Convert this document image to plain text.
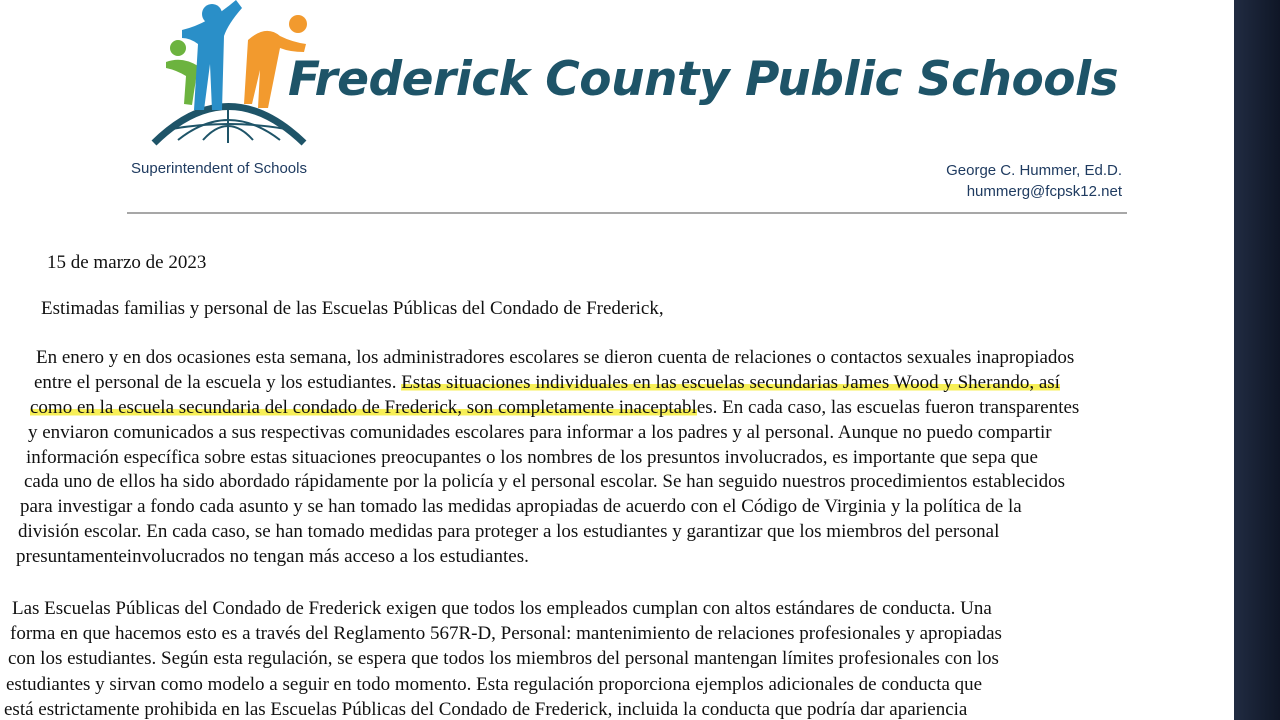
Frederick County Public Schools
Superintendent of Schools	George C. Hummer, Ed.D.
hummerg@fcpsk12.net
15 de marzo de 2023
Estimadas familias y personal de las Escuelas Públicas del Condado de Frederick,
En enero y en dos ocasiones esta semana, los administradores escolares se dieron cuenta de relaciones o contactos sexuales inapropiados
entre el personal de la escuela y los estudiantes. Estas situaciones individuales en las escuelas secundarias James Wood y Sherando, así
como en la escuela secundaria del condado de Frederick, son completamente inaceptables. En cada caso, las escuelas fueron transparentes
y enviaron comunicados a sus respectivas comunidades escolares para informar a los padres y al personal. Aunque no puedo compartir
información específica sobre estas situaciones preocupantes o los nombres de los presuntos involucrados, es importante que sepa que
cada uno de ellos ha sido abordado rápidamente por la policía y el personal escolar. Se han seguido nuestros procedimientos establecidos
para investigar a fondo cada asunto y se han tomado las medidas apropiadas de acuerdo con el Código de Virginia y la política de la
división escolar. En cada caso, se han tomado medidas para proteger a los estudiantes y garantizar que los miembros del personal
presuntamenteinvolucrados no tengan más acceso a los estudiantes.
Las Escuelas Públicas del Condado de Frederick exigen que todos los empleados cumplan con altos estándares de conducta. Una
forma en que hacemos esto es a través del Reglamento 567R-D, Personal: mantenimiento de relaciones profesionales y apropiadas
con los estudiantes. Según esta regulación, se espera que todos los miembros del personal mantengan límites profesionales con los
estudiantes y sirvan como modelo a seguir en todo momento. Esta regulación proporciona ejemplos adicionales de conducta que
está estrictamente prohibida en las Escuelas Públicas del Condado de Frederick, incluida la conducta que podría dar apariencia
